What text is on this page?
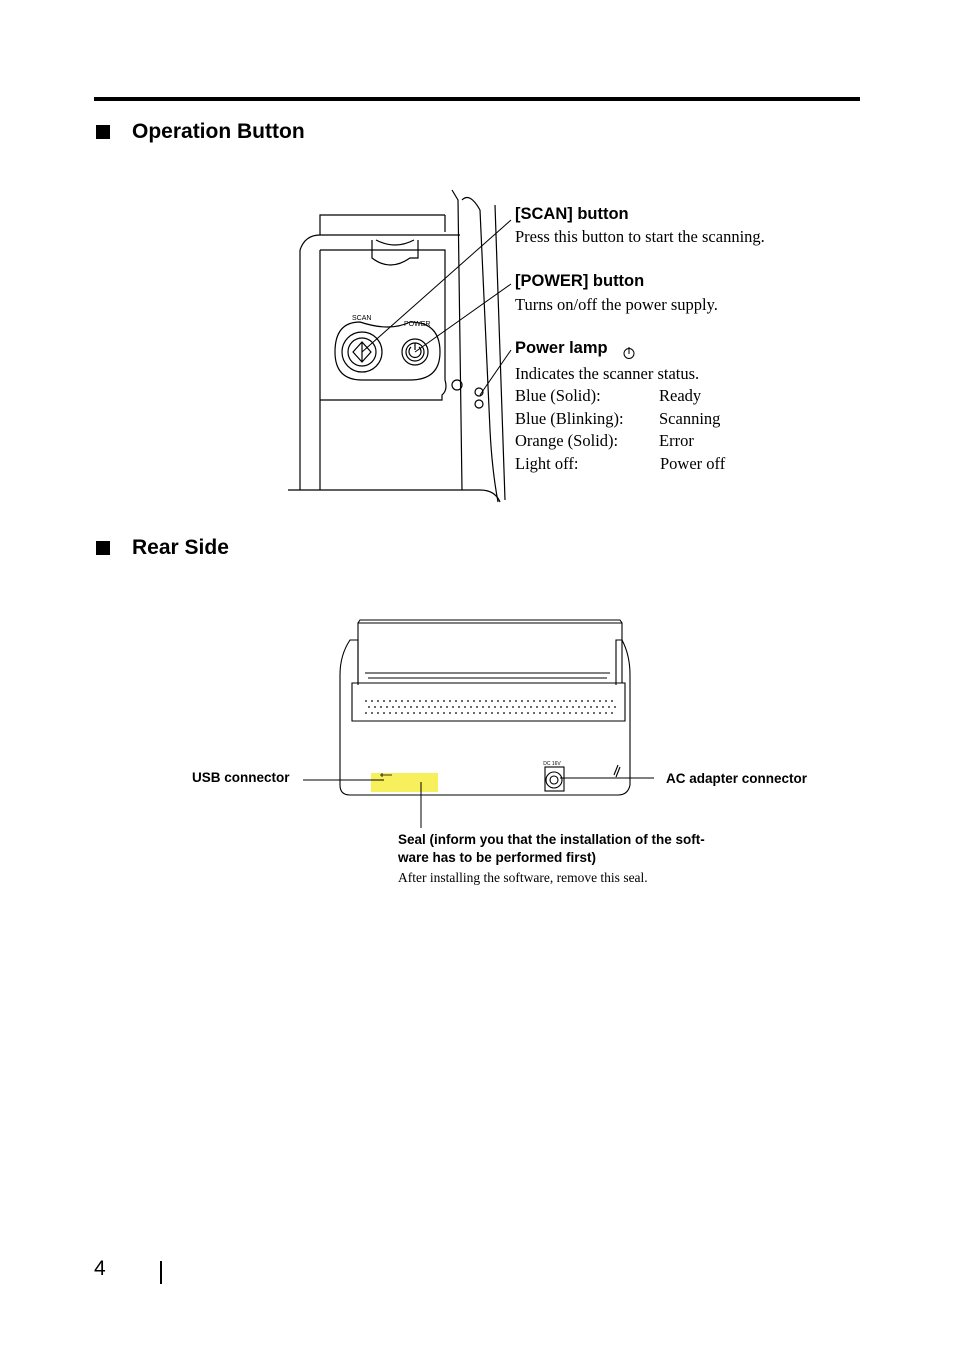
Operation Button
SCAN
POWER
[SCAN] button
Press this button to start the scanning.
[POWER] button
Turns on/off the power supply.
Power lamp
Indicates the scanner status.
Blue (Solid):	Ready
Blue (Blinking): Scanning
Orange (Solid): Error
Light off:	Power off
Rear Side
DC 16V
USB connector	AC adapter connector
Seal (inform you that the installation of the soft-
ware has to be performed first)
After installing the software, remove this seal.
4
